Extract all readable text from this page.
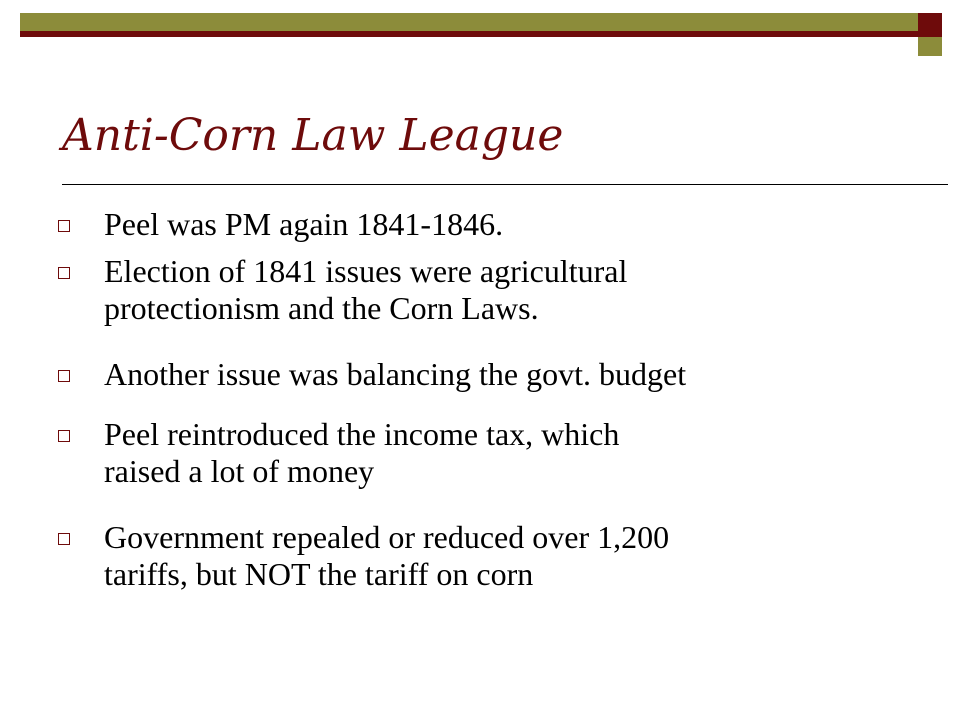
Anti-Corn Law League
Peel was PM again 1841-1846.
Election of 1841 issues were agricultural
protectionism and the Corn Laws.
Another issue was balancing the govt. budget
Peel reintroduced the income tax, which
raised a lot of money
Government repealed or reduced over 1,200
tariffs, but NOT the tariff on corn
